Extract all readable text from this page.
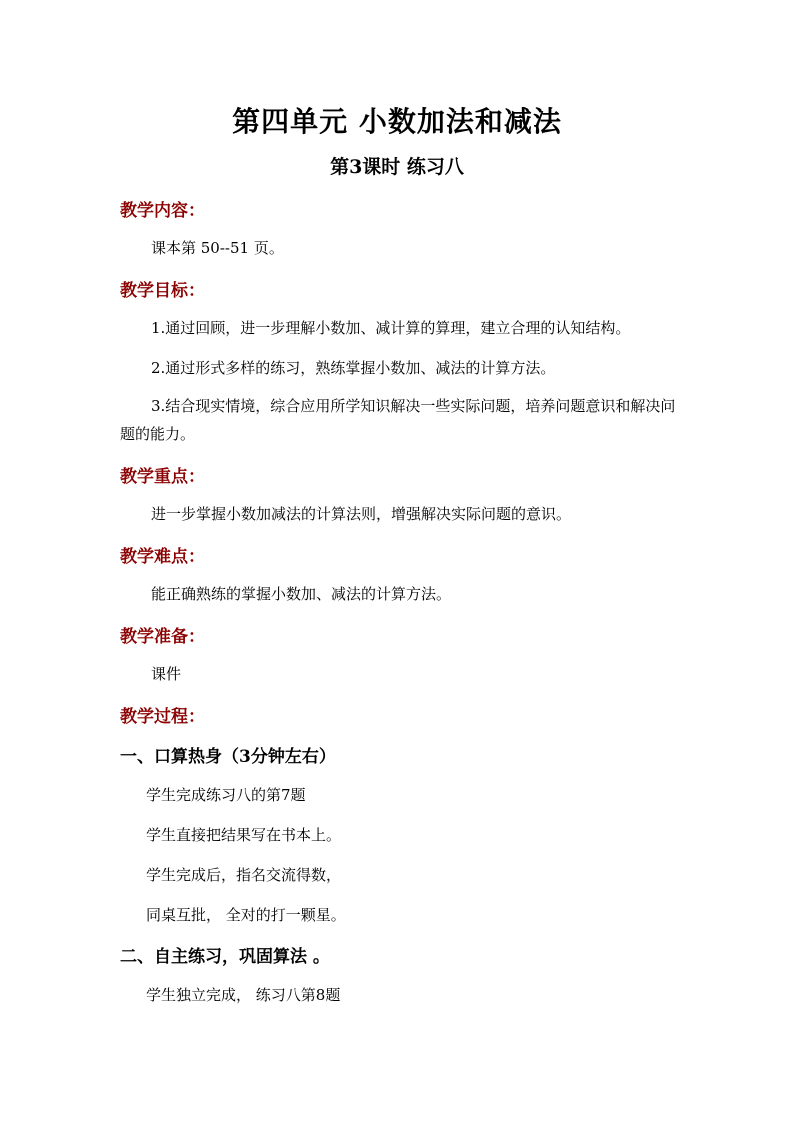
第四单元 小数加法和减法
第3课时 练习八
教学内容：
课本第 50--51 页。
教学目标：
1.通过回顾，进一步理解小数加、减计算的算理，建立合理的认知结构。
2.通过形式多样的练习，熟练掌握小数加、减法的计算方法。
3.结合现实情境，综合应用所学知识解决一些实际问题，培养问题意识和解决问题的能力。
教学重点：
进一步掌握小数加减法的计算法则，增强解决实际问题的意识。
教学难点：
能正确熟练的掌握小数加、减法的计算方法。
教学准备：
课件
教学过程：
一、口算热身（3分钟左右）
学生完成练习八的第7题
学生直接把结果写在书本上。
学生完成后，指名交流得数，
同桌互批， 全对的打一颗星。
二、自主练习，巩固算法 。
学生独立完成， 练习八第8题
